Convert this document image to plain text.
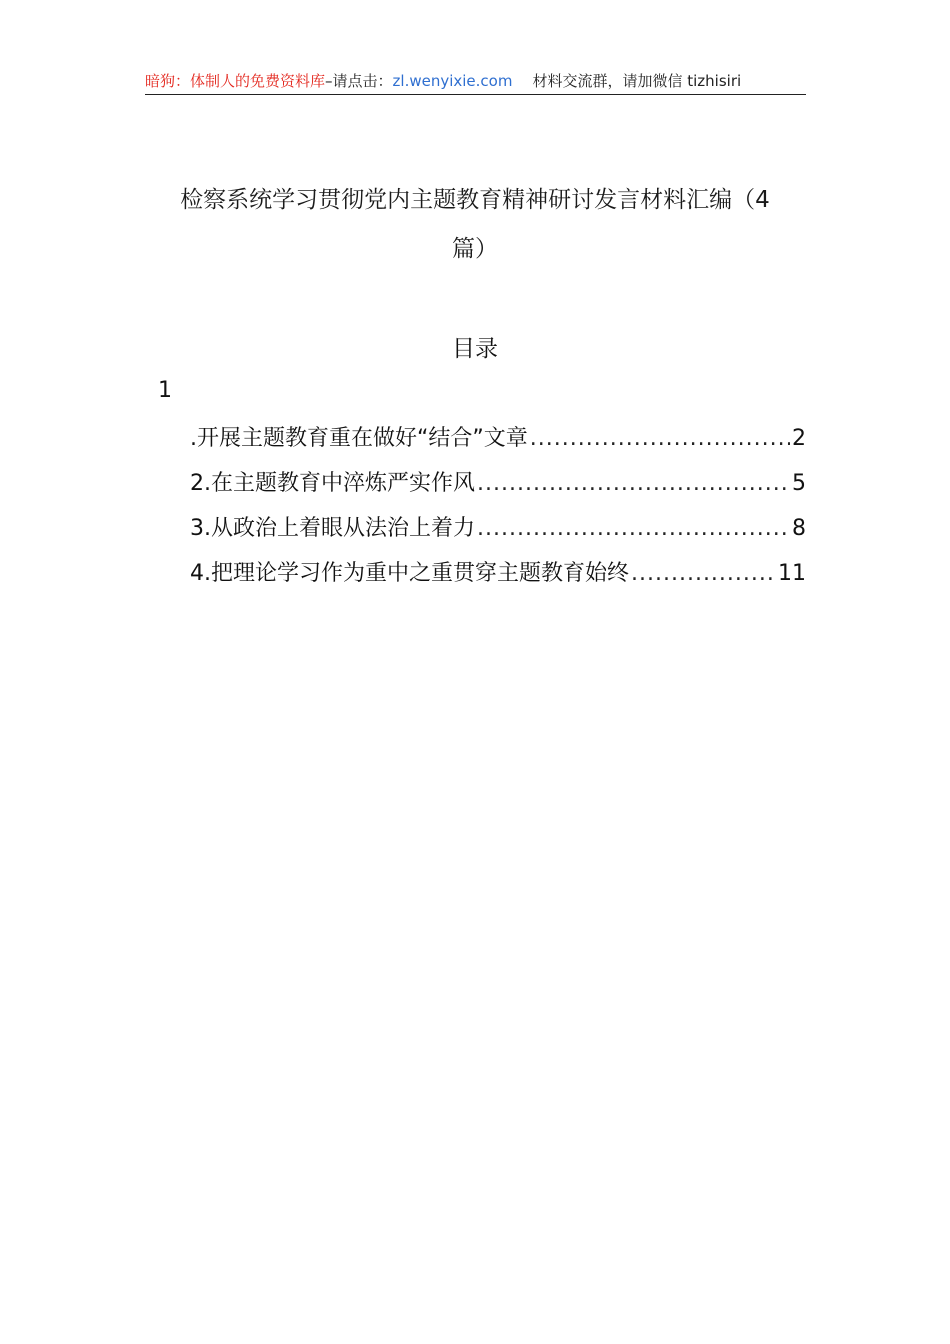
暗狗：体制人的免费资料库–请点击：zl.wenyixie.com 材料交流群，请加微信 tizhisiri
检察系统学习贯彻党内主题教育精神研讨发言材料汇编（4
篇）
目录
1
.开展主题教育重在做好“结合”文章 .....	2
2.在主题教育中淬炼严实作风 .....	5
3.从政治上着眼从法治上着力 .....	8
4.把理论学习作为重中之重贯穿主题教育始终 .....	11
